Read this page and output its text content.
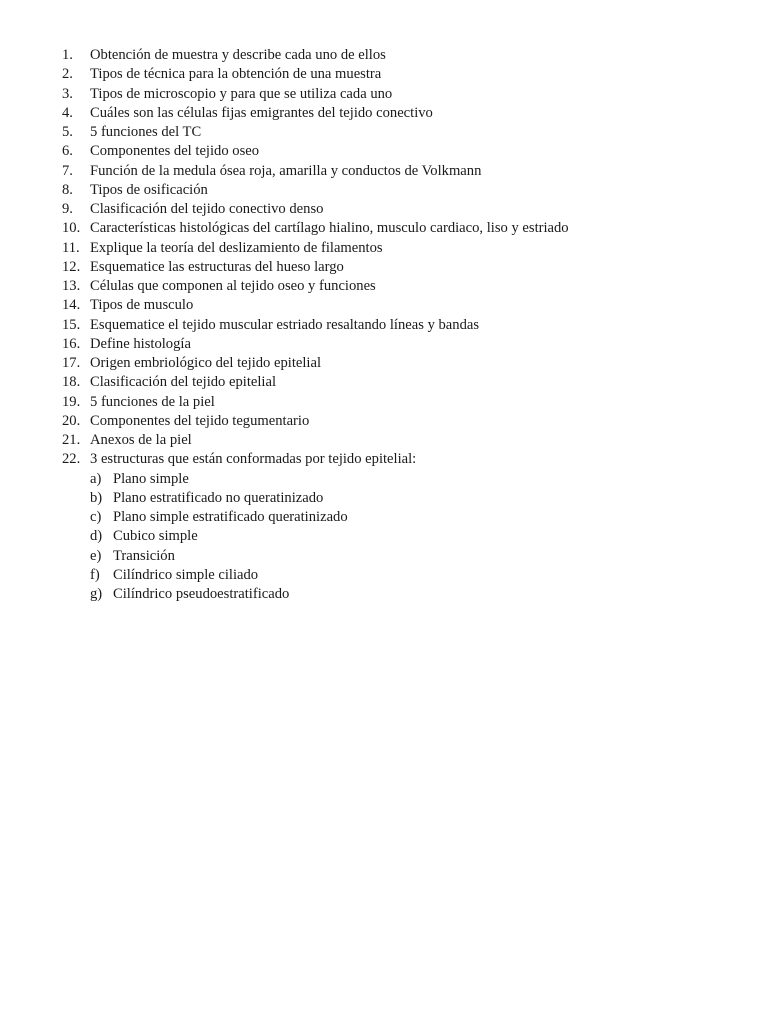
1.	Obtención de muestra y describe cada uno de ellos
2.	Tipos de técnica para la obtención de una muestra
3.	Tipos de microscopio y para que se utiliza cada uno
4.	Cuáles son las células fijas emigrantes del tejido conectivo
5.	5 funciones del TC
6.	Componentes del tejido oseo
7.	Función de la medula ósea roja, amarilla y conductos de Volkmann
8.	Tipos de osificación
9.	Clasificación del tejido conectivo denso
10. Características histológicas del cartílago hialino, musculo cardiaco, liso y estriado
11. Explique la teoría del deslizamiento de filamentos
12. Esquematice las estructuras del hueso largo
13. Células que componen al tejido oseo y funciones
14. Tipos de musculo
15. Esquematice el tejido muscular estriado resaltando líneas y bandas
16. Define histología
17. Origen embriológico del tejido epitelial
18. Clasificación del tejido epitelial
19. 5 funciones de la piel
20. Componentes del tejido tegumentario
21. Anexos de la piel
22. 3 estructuras que están conformadas por tejido epitelial:
a) Plano simple
b) Plano estratificado no queratinizado
c) Plano simple estratificado queratinizado
d) Cubico simple
e) Transición
f) Cilíndrico simple ciliado
g) Cilíndrico pseudoestratificado
